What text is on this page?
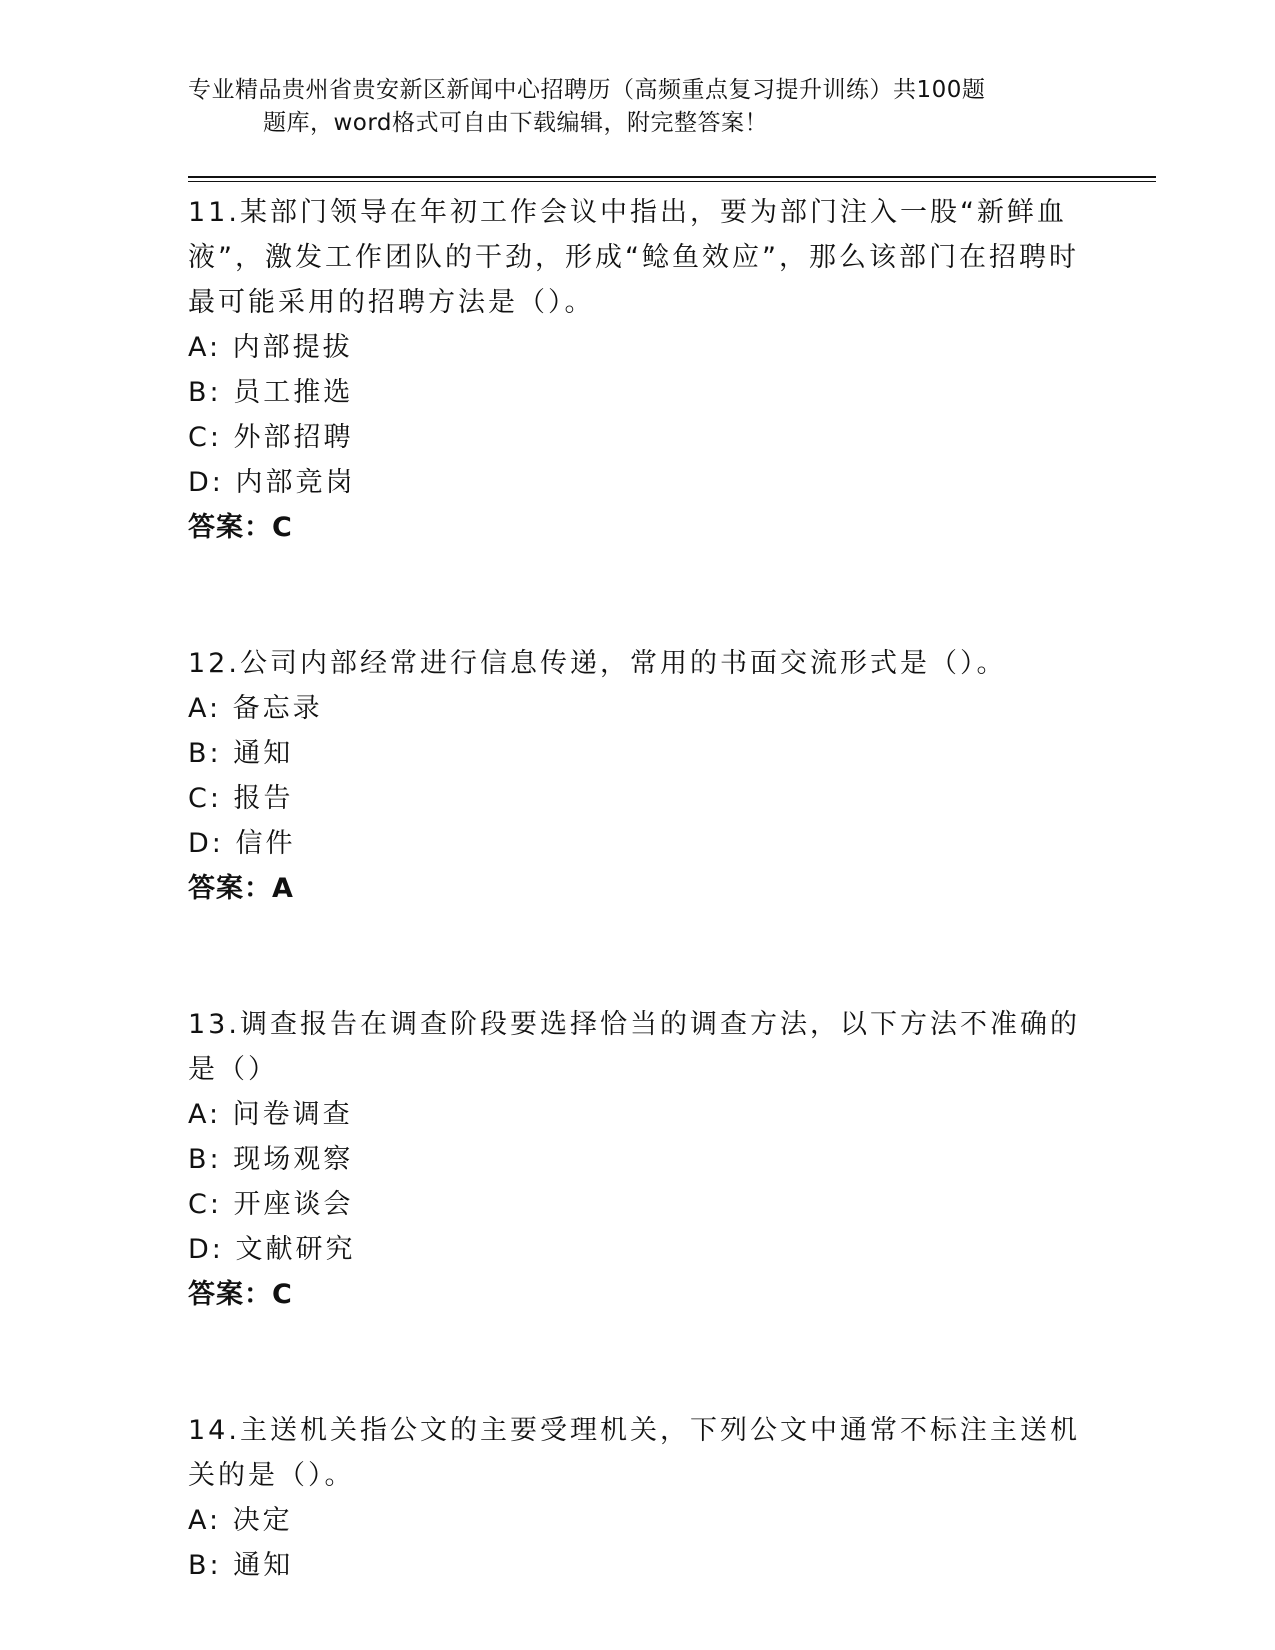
专业精品贵州省贵安新区新闻中心招聘历（高频重点复习提升训练）共100题
题库，word格式可自由下载编辑，附完整答案！

11.某部门领导在年初工作会议中指出，要为部门注入一股“新鲜血液”，激发工作团队的干劲，形成“鲶鱼效应”，那么该部门在招聘时最可能采用的招聘方法是（）。

A: 内部提拔

B: 员工推选

C: 外部招聘

D: 内部竞岗

答案：C

12.公司内部经常进行信息传递，常用的书面交流形式是（）。

A: 备忘录

B: 通知

C: 报告

D: 信件

答案：A

13.调查报告在调查阶段要选择恰当的调查方法，以下方法不准确的是（）

A: 问卷调查

B: 现场观察

C: 开座谈会

D: 文献研究

答案：C

14.主送机关指公文的主要受理机关，下列公文中通常不标注主送机关的是（）。

A: 决定

B: 通知
